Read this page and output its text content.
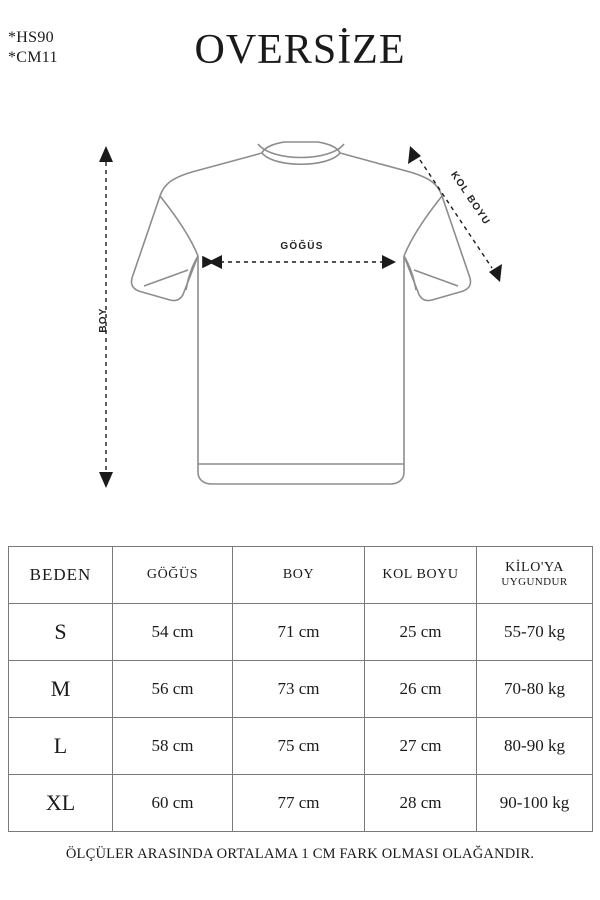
*HS90
*CM11	OVERSİZE
GÖĞÜS
BOY
KOL BOYU
BEDEN	GÖĞÜS	BOY	KOL BOYU	KİLO'YA
UYGUNDUR

S	54 cm	71 cm	25 cm	55-70 kg
M	56 cm	73 cm	26 cm	70-80 kg
L	58 cm	75 cm	27 cm	80-90 kg
XL	60 cm	77 cm	28 cm	90-100 kg
ÖLÇÜLER ARASINDA ORTALAMA 1 CM FARK OLMASI OLAĞANDIR.
